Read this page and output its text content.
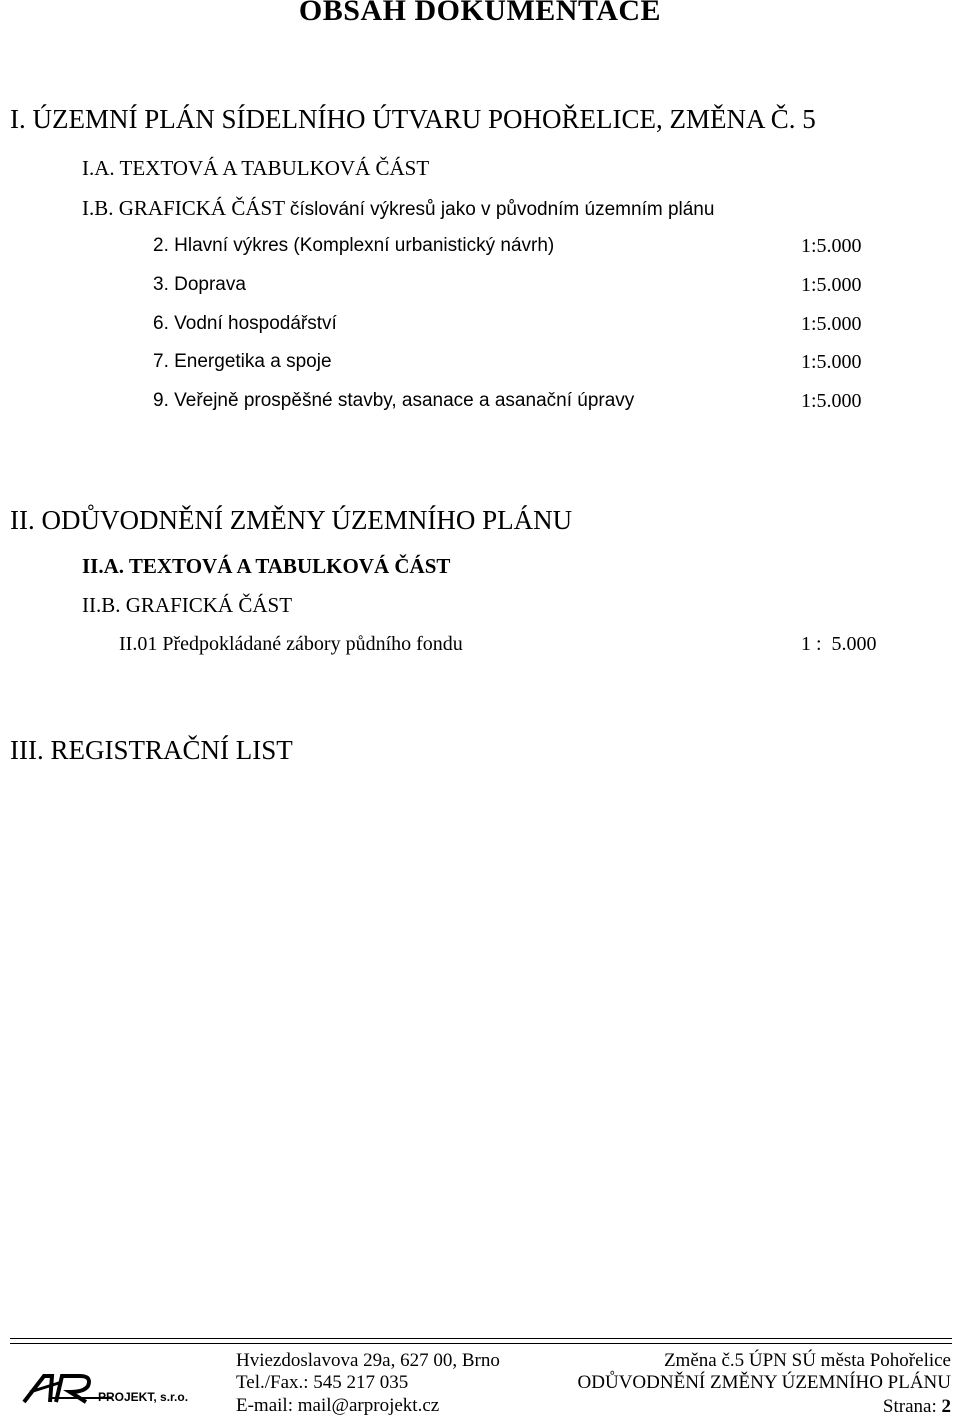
OBSAH DOKUMENTACE
I. ÚZEMNÍ PLÁN SÍDELNÍHO ÚTVARU POHOŘELICE, ZMĚNA Č. 5
I.A. TEXTOVÁ A TABULKOVÁ ČÁST
I.B. GRAFICKÁ ČÁST číslování výkresů jako v původním územním plánu
2. Hlavní výkres (Komplexní urbanistický návrh)	1:5.000
3. Doprava	1:5.000
6. Vodní hospodářství	1:5.000
7. Energetika a spoje	1:5.000
9. Veřejně prospěšné stavby, asanace a asanační úpravy	1:5.000
II. ODŮVODNĚNÍ ZMĚNY ÚZEMNÍHO PLÁNU
II.A. TEXTOVÁ A TABULKOVÁ ČÁST
II.B. GRAFICKÁ ČÁST
II.01 Předpokládané zábory půdního fondu	1 :  5.000
III. REGISTRAČNÍ LIST
PROJEKT, s.r.o.
Hviezdoslavova 29a, 627 00, Brno
Tel./Fax.: 545 217 035
E-mail: mail@arprojekt.cz
Změna č.5 ÚPN SÚ města Pohořelice
ODŮVODNĚNÍ ZMĚNY ÚZEMNÍHO PLÁNU
Strana: 2
